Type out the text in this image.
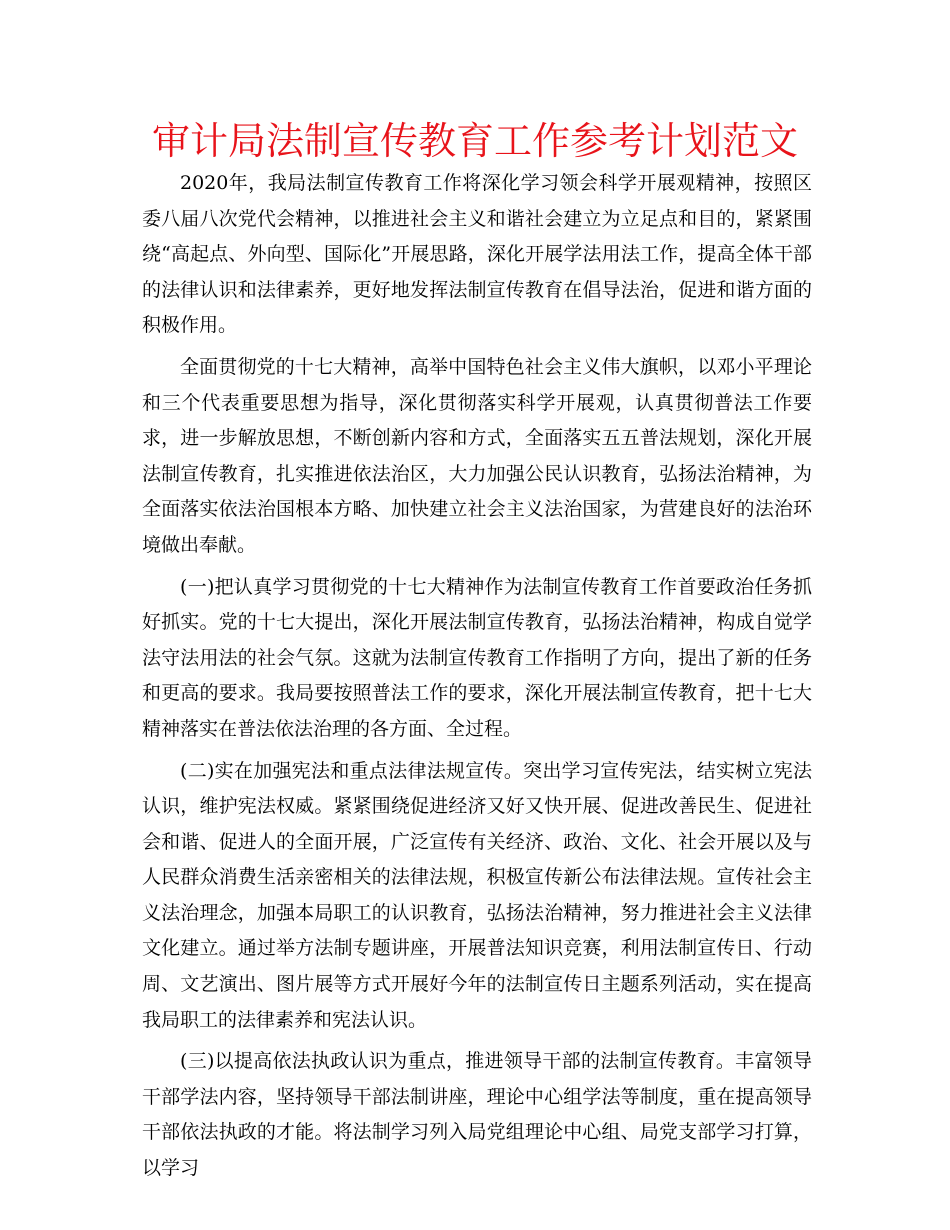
审计局法制宣传教育工作参考计划范文

2020年，我局法制宣传教育工作将深化学习领会科学开展观精神，按照区委八届八次党代会精神，以推进社会主义和谐社会建立为立足点和目的，紧紧围绕“高起点、外向型、国际化”开展思路，深化开展学法用法工作，提高全体干部的法律认识和法律素养，更好地发挥法制宣传教育在倡导法治，促进和谐方面的积极作用。

全面贯彻党的十七大精神，高举中国特色社会主义伟大旗帜，以邓小平理论和三个代表重要思想为指导，深化贯彻落实科学开展观，认真贯彻普法工作要求，进一步解放思想，不断创新内容和方式，全面落实五五普法规划，深化开展法制宣传教育，扎实推进依法治区，大力加强公民认识教育，弘扬法治精神，为全面落实依法治国根本方略、加快建立社会主义法治国家，为营建良好的法治环境做出奉献。

(一)把认真学习贯彻党的十七大精神作为法制宣传教育工作首要政治任务抓好抓实。党的十七大提出，深化开展法制宣传教育，弘扬法治精神，构成自觉学法守法用法的社会气氛。这就为法制宣传教育工作指明了方向，提出了新的任务和更高的要求。我局要按照普法工作的要求，深化开展法制宣传教育，把十七大精神落实在普法依法治理的各方面、全过程。

(二)实在加强宪法和重点法律法规宣传。突出学习宣传宪法，结实树立宪法认识，维护宪法权威。紧紧围绕促进经济又好又快开展、促进改善民生、促进社会和谐、促进人的全面开展，广泛宣传有关经济、政治、文化、社会开展以及与人民群众消费生活亲密相关的法律法规，积极宣传新公布法律法规。宣传社会主义法治理念，加强本局职工的认识教育，弘扬法治精神，努力推进社会主义法律文化建立。通过举方法制专题讲座，开展普法知识竞赛，利用法制宣传日、行动周、文艺演出、图片展等方式开展好今年的法制宣传日主题系列活动，实在提高我局职工的法律素养和宪法认识。

(三)以提高依法执政认识为重点，推进领导干部的法制宣传教育。丰富领导干部学法内容，坚持领导干部法制讲座，理论中心组学法等制度，重在提高领导干部依法执政的才能。将法制学习列入局党组理论中心组、局党支部学习打算，以学习
